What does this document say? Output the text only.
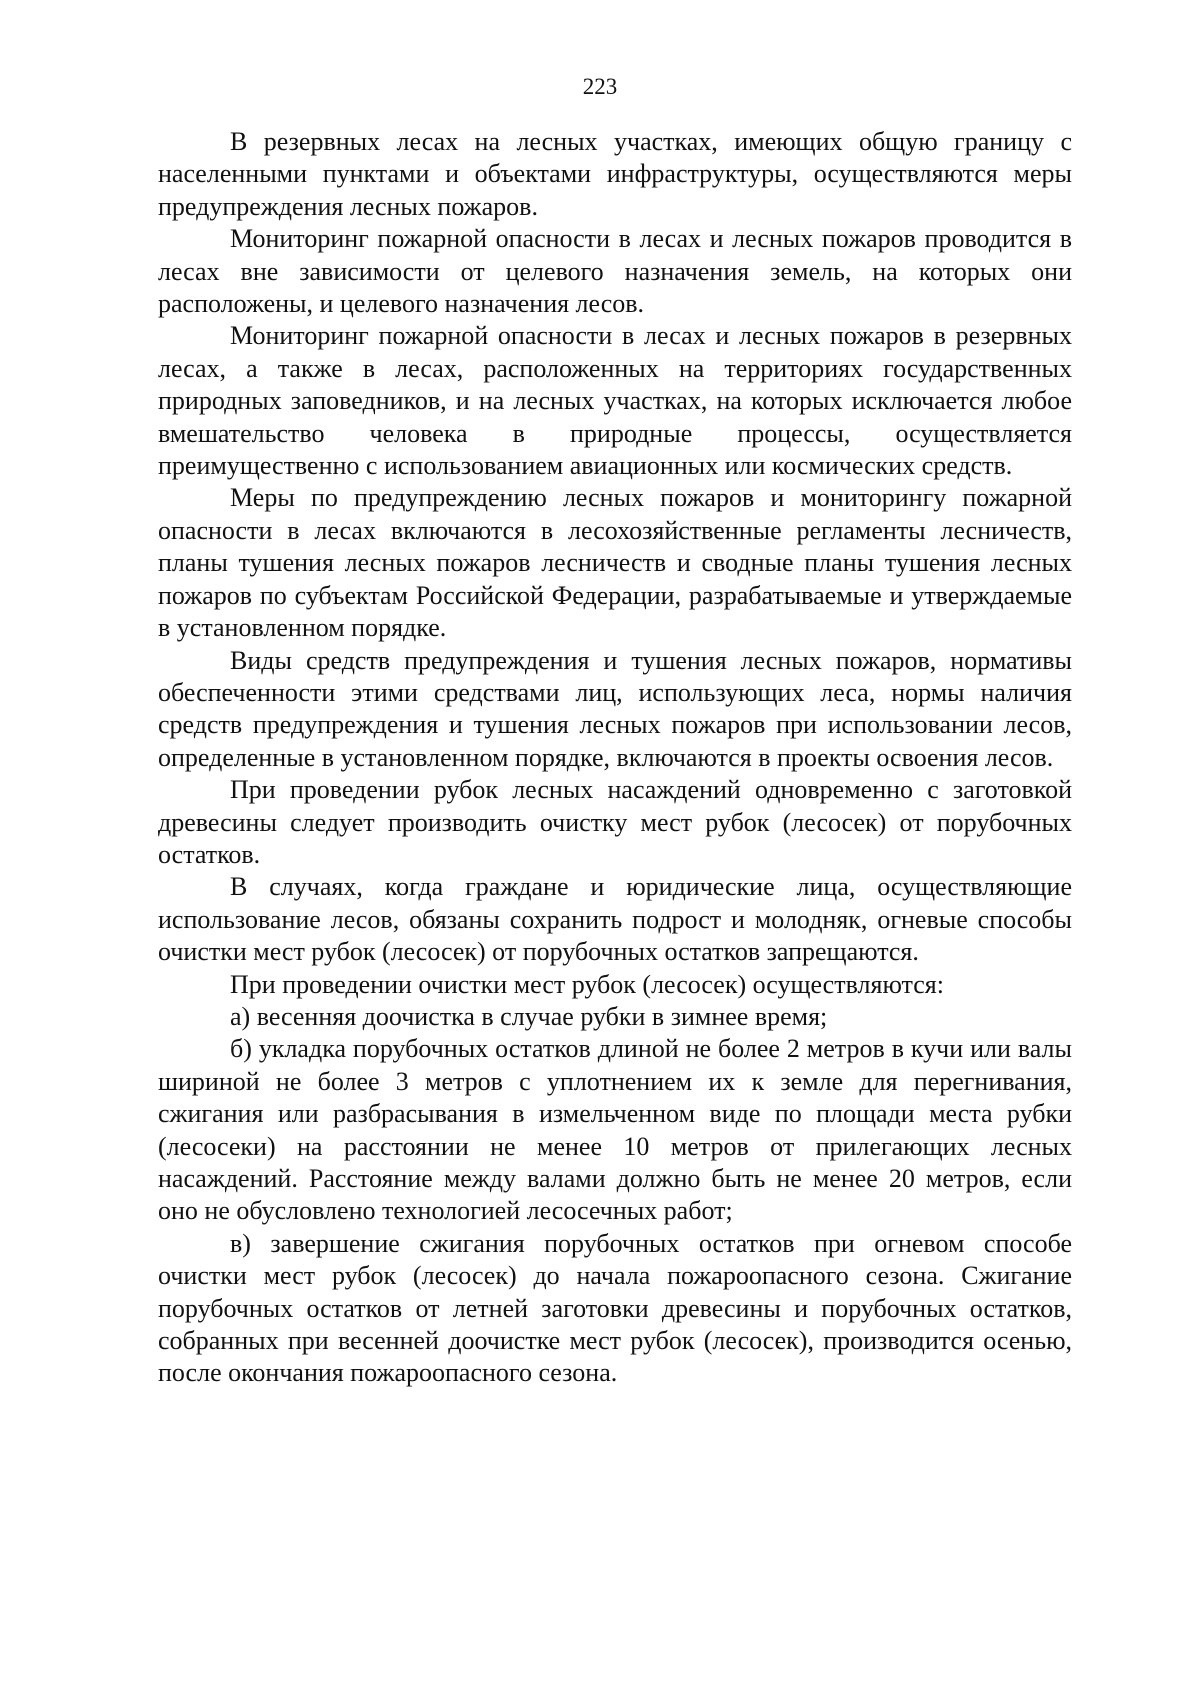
223

В резервных лесах на лесных участках, имеющих общую границу с населенными пунктами и объектами инфраструктуры, осуществляются меры предупреждения лесных пожаров.

Мониторинг пожарной опасности в лесах и лесных пожаров проводится в лесах вне зависимости от целевого назначения земель, на которых они расположены, и целевого назначения лесов.

Мониторинг пожарной опасности в лесах и лесных пожаров в резервных лесах, а также в лесах, расположенных на территориях государственных природных заповедников, и на лесных участках, на которых исключается любое вмешательство человека в природные процессы, осуществляется преимущественно с использованием авиационных или космических средств.

Меры по предупреждению лесных пожаров и мониторингу пожарной опасности в лесах включаются в лесохозяйственные регламенты лесничеств, планы тушения лесных пожаров лесничеств и сводные планы тушения лесных пожаров по субъектам Российской Федерации, разрабатываемые и утверждаемые в установленном порядке.

Виды средств предупреждения и тушения лесных пожаров, нормативы обеспеченности этими средствами лиц, использующих леса, нормы наличия средств предупреждения и тушения лесных пожаров при использовании лесов, определенные в установленном порядке, включаются в проекты освоения лесов.

При проведении рубок лесных насаждений одновременно с заготовкой древесины следует производить очистку мест рубок (лесосек) от порубочных остатков.

В случаях, когда граждане и юридические лица, осуществляющие использование лесов, обязаны сохранить подрост и молодняк, огневые способы очистки мест рубок (лесосек) от порубочных остатков запрещаются.

При проведении очистки мест рубок (лесосек) осуществляются:

а) весенняя доочистка в случае рубки в зимнее время;

б) укладка порубочных остатков длиной не более 2 метров в кучи или валы шириной не более 3 метров с уплотнением их к земле для перегнивания, сжигания или разбрасывания в измельченном виде по площади места рубки (лесосеки) на расстоянии не менее 10 метров от прилегающих лесных насаждений. Расстояние между валами должно быть не менее 20 метров, если оно не обусловлено технологией лесосечных работ;

в) завершение сжигания порубочных остатков при огневом способе очистки мест рубок (лесосек) до начала пожароопасного сезона. Сжигание порубочных остатков от летней заготовки древесины и порубочных остатков, собранных при весенней доочистке мест рубок (лесосек), производится осенью, после окончания пожароопасного сезона.
